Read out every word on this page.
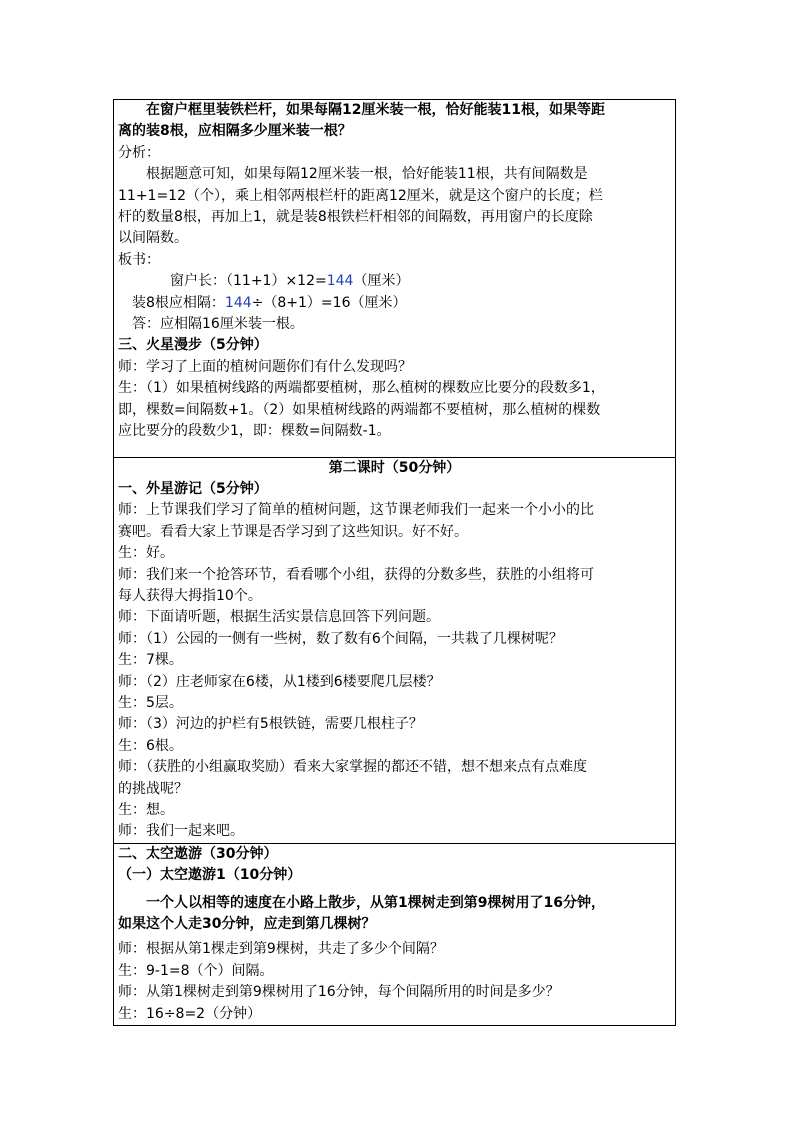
在窗户框里装铁栏杆，如果每隔12厘米装一根，恰好能装11根，如果等距
离的装8根，应相隔多少厘米装一根？
分析：
根据题意可知，如果每隔12厘米装一根，恰好能装11根，共有间隔数是
11+1=12（个），乘上相邻两根栏杆的距离12厘米，就是这个窗户的长度；栏
杆的数量8根，再加上1，就是装8根铁栏杆相邻的间隔数，再用窗户的长度除
以间隔数。
板书：
窗户长：（11+1）×12=144（厘米）
装8根应相隔：144÷（8+1）=16（厘米）
答：应相隔16厘米装一根。
三、火星漫步（5分钟）
师：学习了上面的植树问题你们有什么发现吗？
生：（1）如果植树线路的两端都要植树，那么植树的棵数应比要分的段数多1，
即，棵数=间隔数+1。（2）如果植树线路的两端都不要植树，那么植树的棵数
应比要分的段数少1，即：棵数=间隔数-1。

第二课时（50分钟）
一、外星游记（5分钟）
师：上节课我们学习了简单的植树问题，这节课老师我们一起来一个小小的比
赛吧。看看大家上节课是否学习到了这些知识。好不好。
生：好。
师：我们来一个抢答环节，看看哪个小组，获得的分数多些，获胜的小组将可
每人获得大拇指10个。
师：下面请听题，根据生活实景信息回答下列问题。
师：（1）公园的一侧有一些树，数了数有6个间隔，一共栽了几棵树呢？
生：7棵。
师：（2）庄老师家在6楼，从1楼到6楼要爬几层楼？
生：5层。
师：（3）河边的护栏有5根铁链，需要几根柱子？
生：6根。
师：（获胜的小组赢取奖励）看来大家掌握的都还不错，想不想来点有点难度
的挑战呢？
生：想。
师：我们一起来吧。

二、太空遨游（30分钟）
（一）太空遨游1（10分钟）
一个人以相等的速度在小路上散步，从第1棵树走到第9棵树用了16分钟，
如果这个人走30分钟，应走到第几棵树？
师：根据从第1棵走到第9棵树，共走了多少个间隔？
生：9-1=8（个）间隔。
师：从第1棵树走到第9棵树用了16分钟，每个间隔所用的时间是多少？
生：16÷8=2（分钟）
